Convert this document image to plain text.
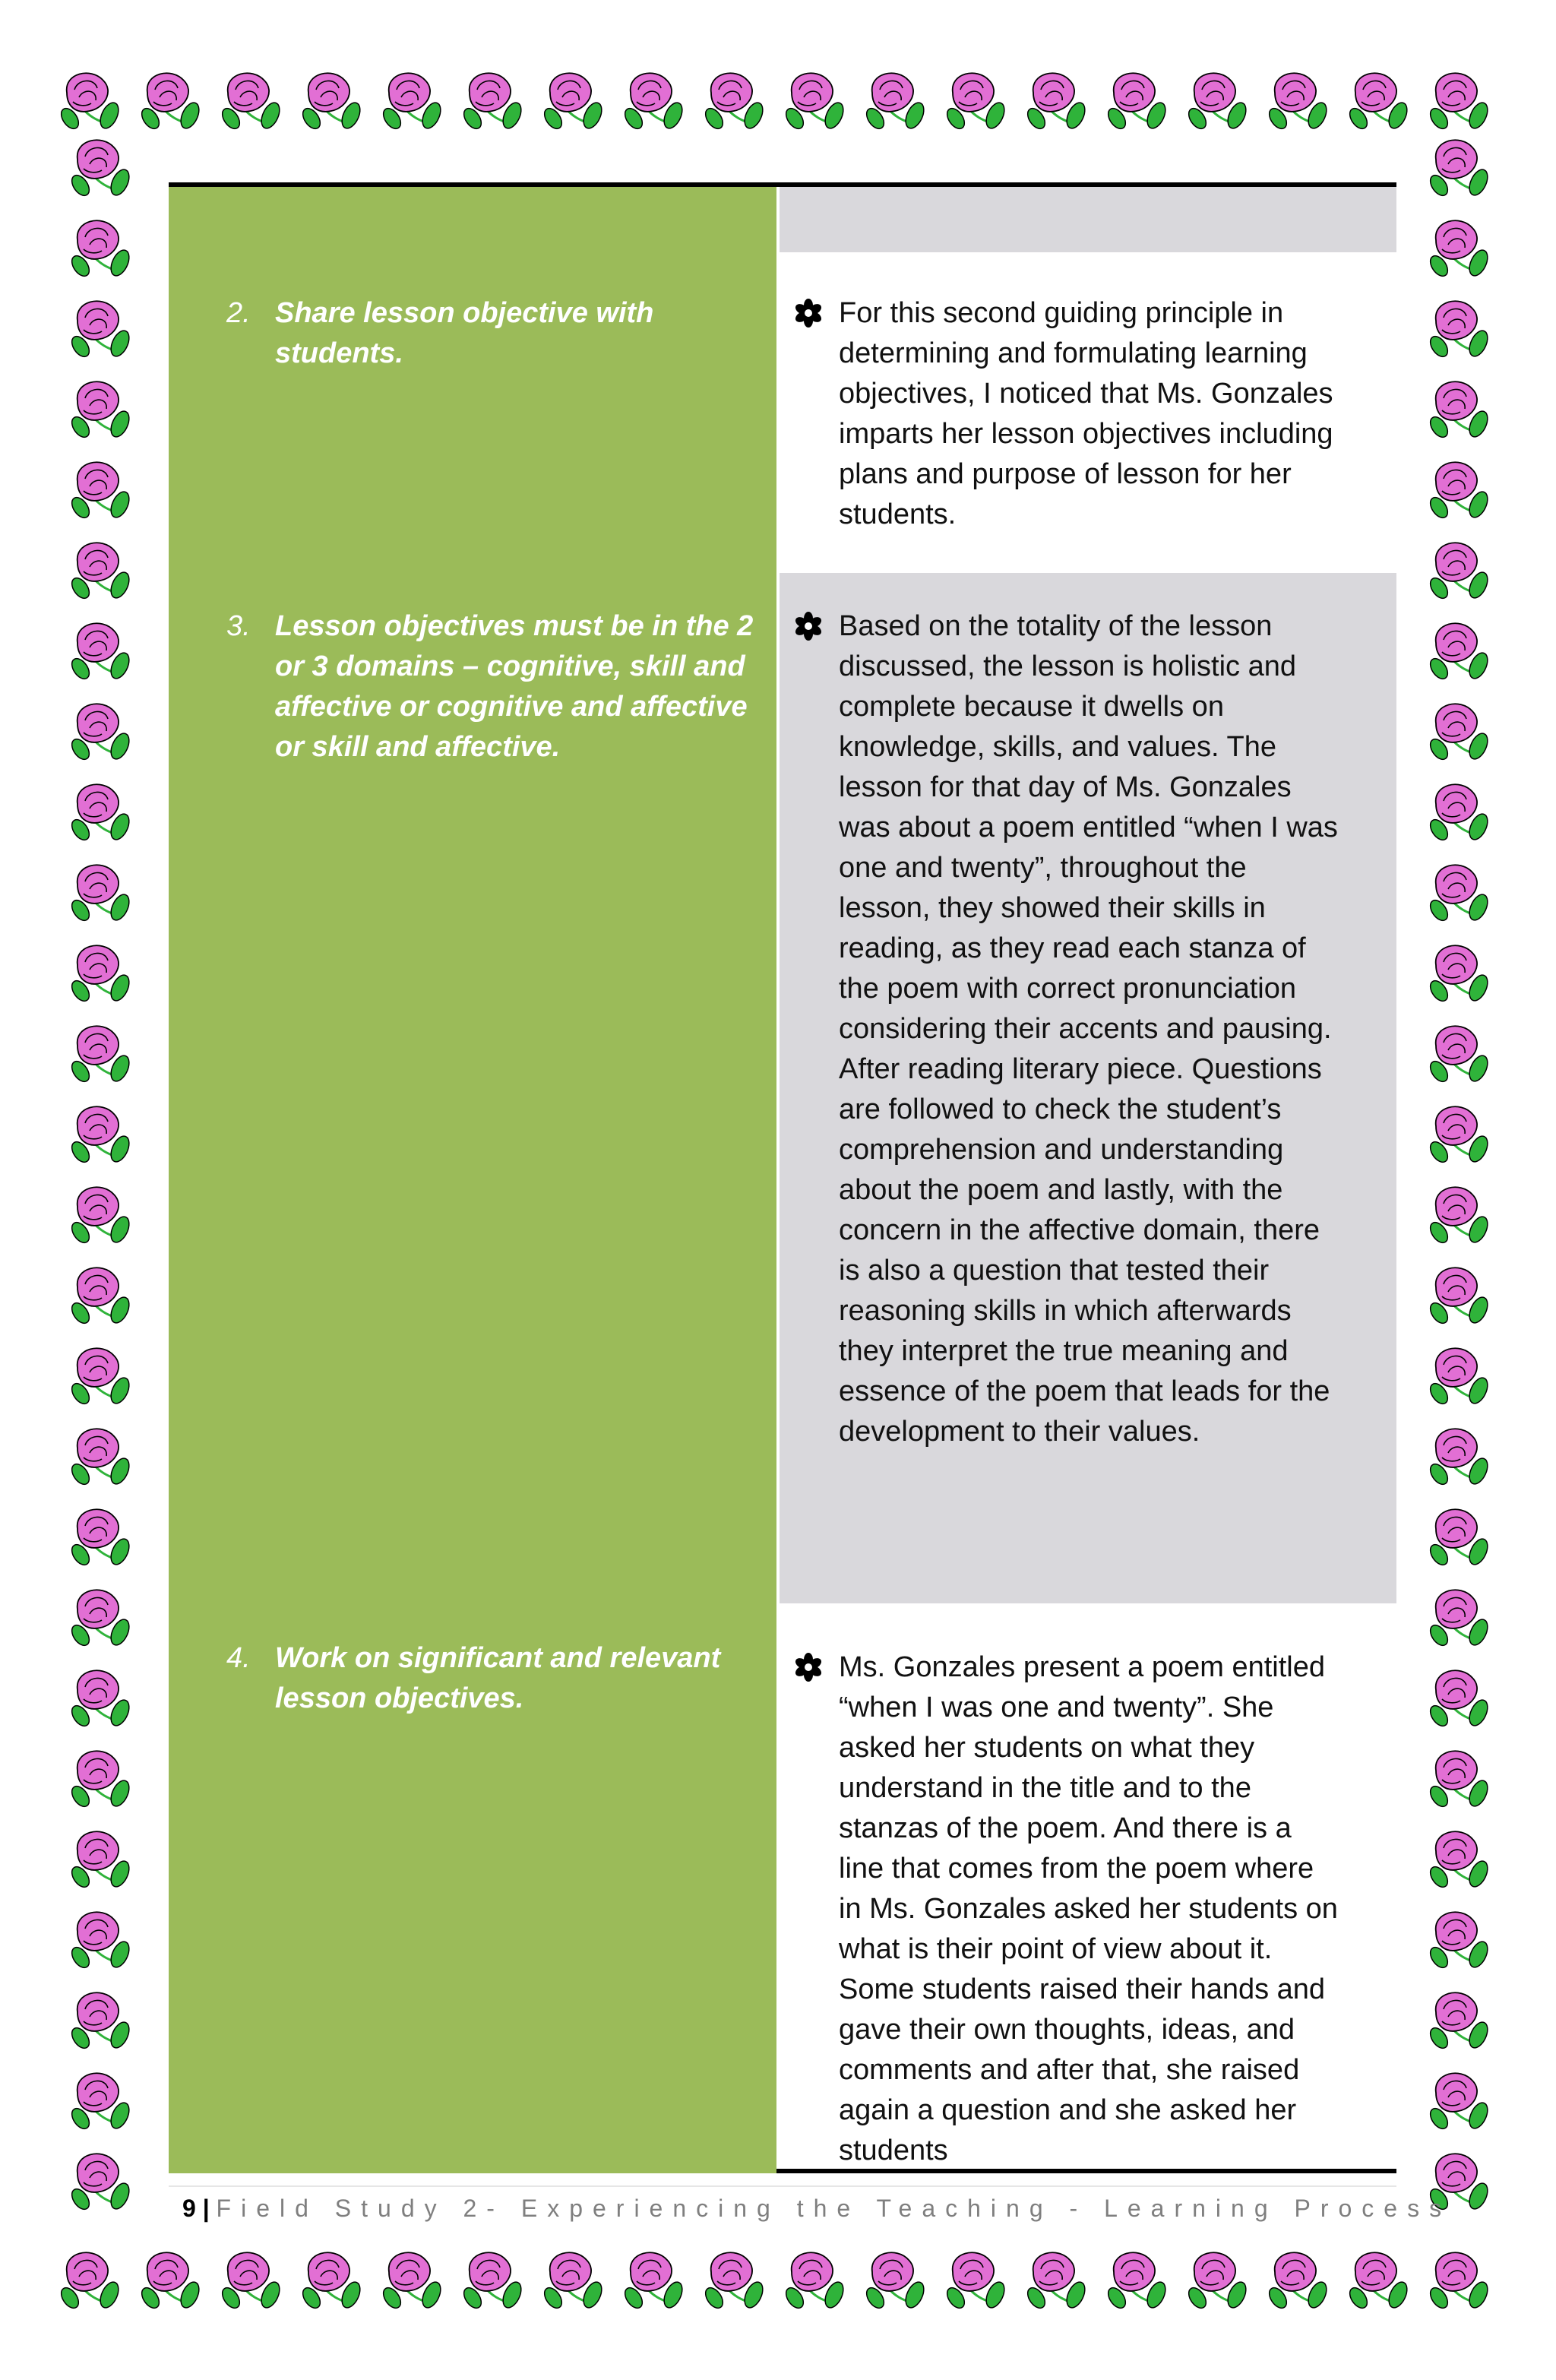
2. Share lesson objective with students.
For this second guiding principle in determining and formulating learning objectives, I noticed that Ms. Gonzales imparts her lesson objectives including plans and purpose of lesson for her students.
3. Lesson objectives must be in the 2 or 3 domains – cognitive, skill and affective or cognitive and affective or skill and affective.
Based on the totality of the lesson discussed, the lesson is holistic and complete because it dwells on knowledge, skills, and values. The lesson for that day of Ms. Gonzales was about a poem entitled “when I was one and twenty”, throughout the lesson, they showed their skills in reading, as they read each stanza of the poem with correct pronunciation considering their accents and pausing. After reading literary piece. Questions are followed to check the student’s comprehension and understanding about the poem and lastly, with the concern in the affective domain, there is also a question that tested their reasoning skills in which afterwards they interpret the true meaning and essence of the poem that leads for the development to their values.
4. Work on significant and relevant lesson objectives.
Ms. Gonzales present a poem entitled “when I was one and twenty”. She asked her students on what they understand in the title and to the stanzas of the poem. And there is a line that comes from the poem where in Ms. Gonzales asked her students on what is their point of view about it. Some students raised their hands and gave their own thoughts, ideas, and comments and after that, she raised again a question and she asked her students
9 | Field Study 2- Experiencing the Teaching - Learning Process
